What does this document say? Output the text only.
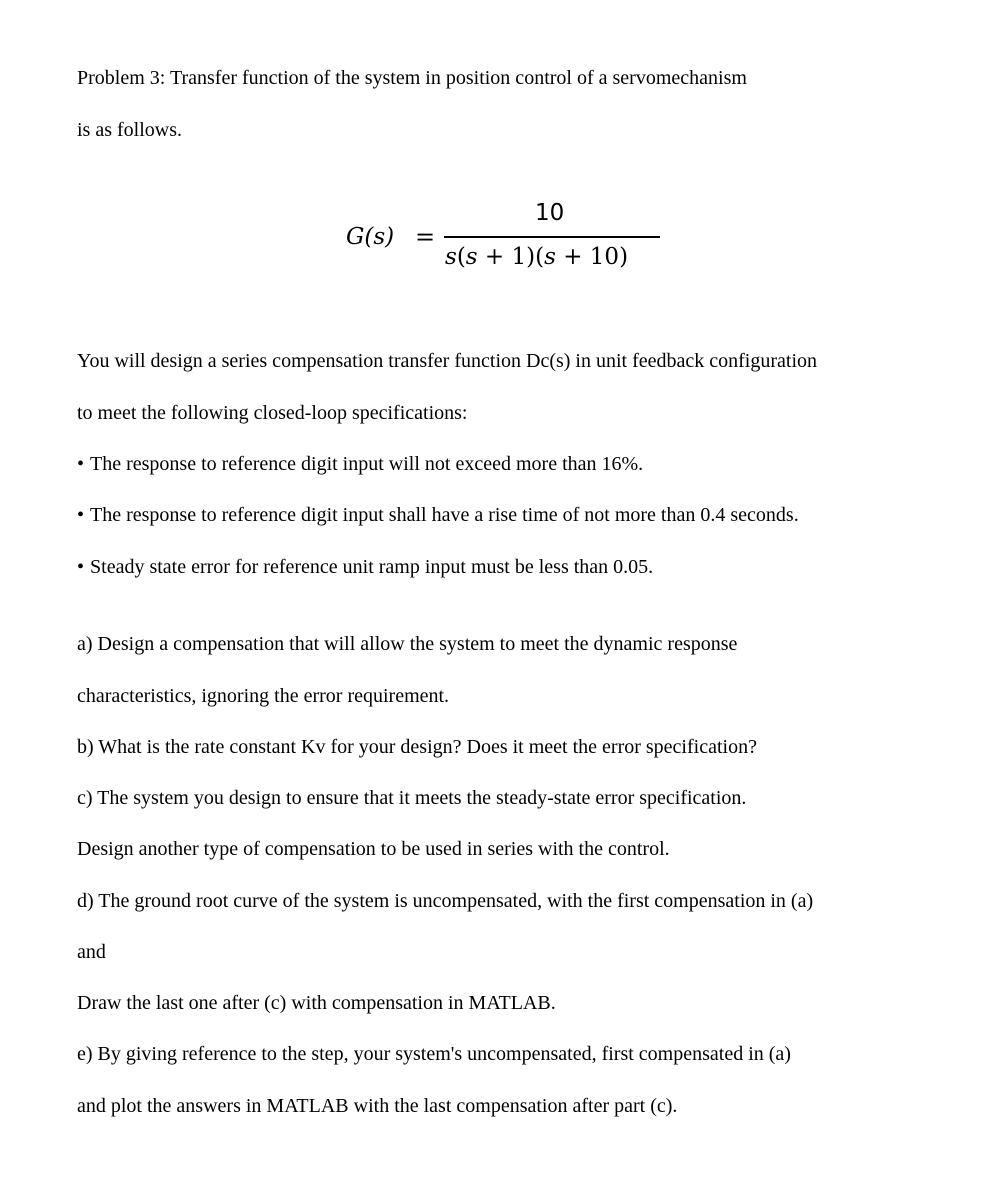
Problem 3: Transfer function of the system in position control of a servomechanism
is as follows.
G(s) =
10
s(s + 1)(s + 10)
You will design a series compensation transfer function Dc(s) in unit feedback configuration
to meet the following closed-loop specifications:
• The response to reference digit input will not exceed more than 16%.
• The response to reference digit input shall have a rise time of not more than 0.4 seconds.
• Steady state error for reference unit ramp input must be less than 0.05.
a) Design a compensation that will allow the system to meet the dynamic response
characteristics, ignoring the error requirement.
b) What is the rate constant Kv for your design? Does it meet the error specification?
c) The system you design to ensure that it meets the steady-state error specification.
Design another type of compensation to be used in series with the control.
d) The ground root curve of the system is uncompensated, with the first compensation in (a)
and
Draw the last one after (c) with compensation in MATLAB.
e) By giving reference to the step, your system's uncompensated, first compensated in (a)
and plot the answers in MATLAB with the last compensation after part (c).
